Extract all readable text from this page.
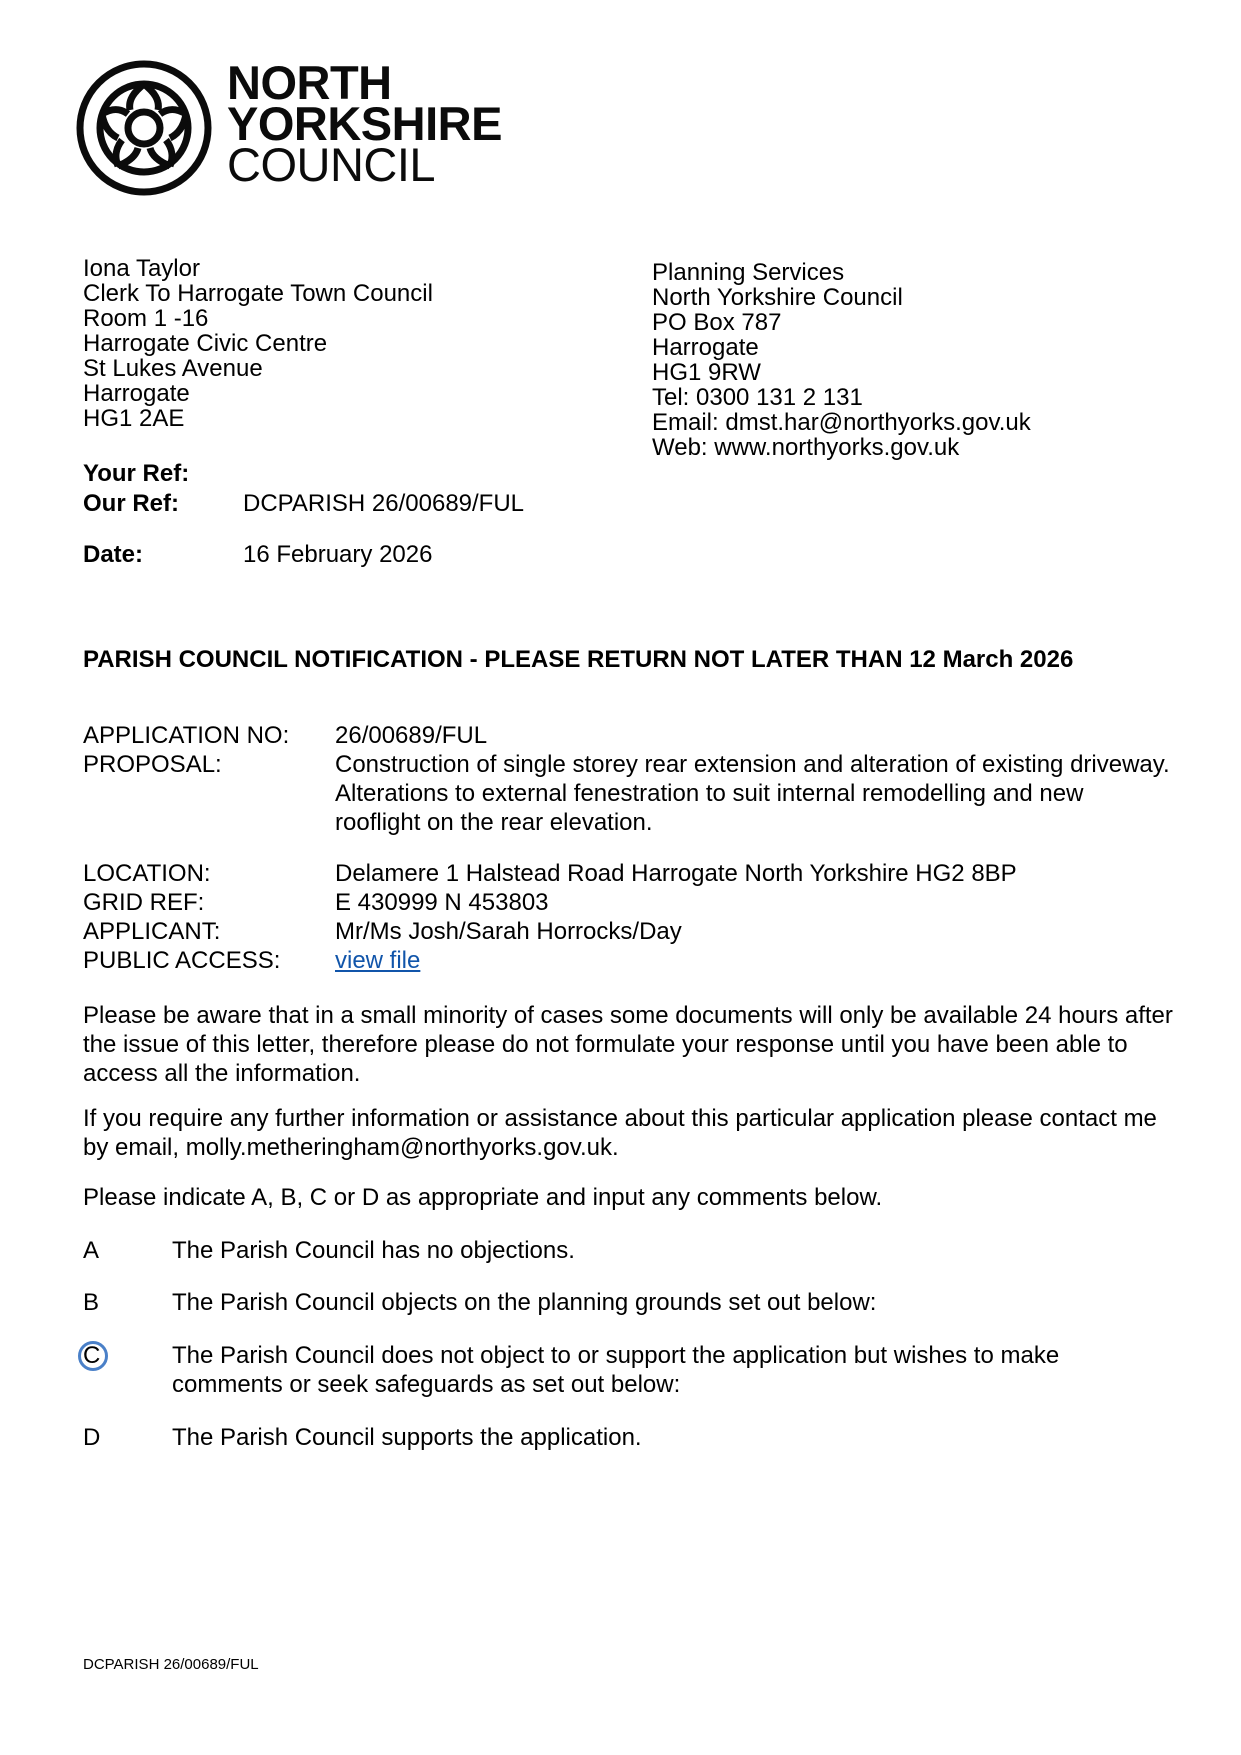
NORTH
YORKSHIRE
COUNCIL
Iona Taylor
Clerk To Harrogate Town Council
Room 1 -16
Harrogate Civic Centre
St Lukes Avenue
Harrogate
HG1 2AE
Planning Services
North Yorkshire Council
PO Box 787
Harrogate
HG1 9RW
Tel: 0300 131 2 131
Email: dmst.har@northyorks.gov.uk
Web: www.northyorks.gov.uk
Your Ref:
Our Ref:	DCPARISH 26/00689/FUL
Date:	16 February 2026
PARISH COUNCIL NOTIFICATION - PLEASE RETURN NOT LATER THAN 12 March 2026
APPLICATION NO:	26/00689/FUL
PROPOSAL:	Construction of single storey rear extension and alteration of existing driveway. Alterations to external fenestration to suit internal remodelling and new rooflight on the rear elevation.
LOCATION:	Delamere 1 Halstead Road Harrogate North Yorkshire HG2 8BP
GRID REF:	E 430999 N 453803
APPLICANT:	Mr/Ms Josh/Sarah Horrocks/Day
PUBLIC ACCESS:	view file
Please be aware that in a small minority of cases some documents will only be available 24 hours after the issue of this letter, therefore please do not formulate your response until you have been able to access all the information.
If you require any further information or assistance about this particular application please contact me by email, molly.metheringham@northyorks.gov.uk.
Please indicate A, B, C or D as appropriate and input any comments below.
A	The Parish Council has no objections.
B	The Parish Council objects on the planning grounds set out below:
C	The Parish Council does not object to or support the application but wishes to make comments or seek safeguards as set out below:
D	The Parish Council supports the application.
DCPARISH 26/00689/FUL
